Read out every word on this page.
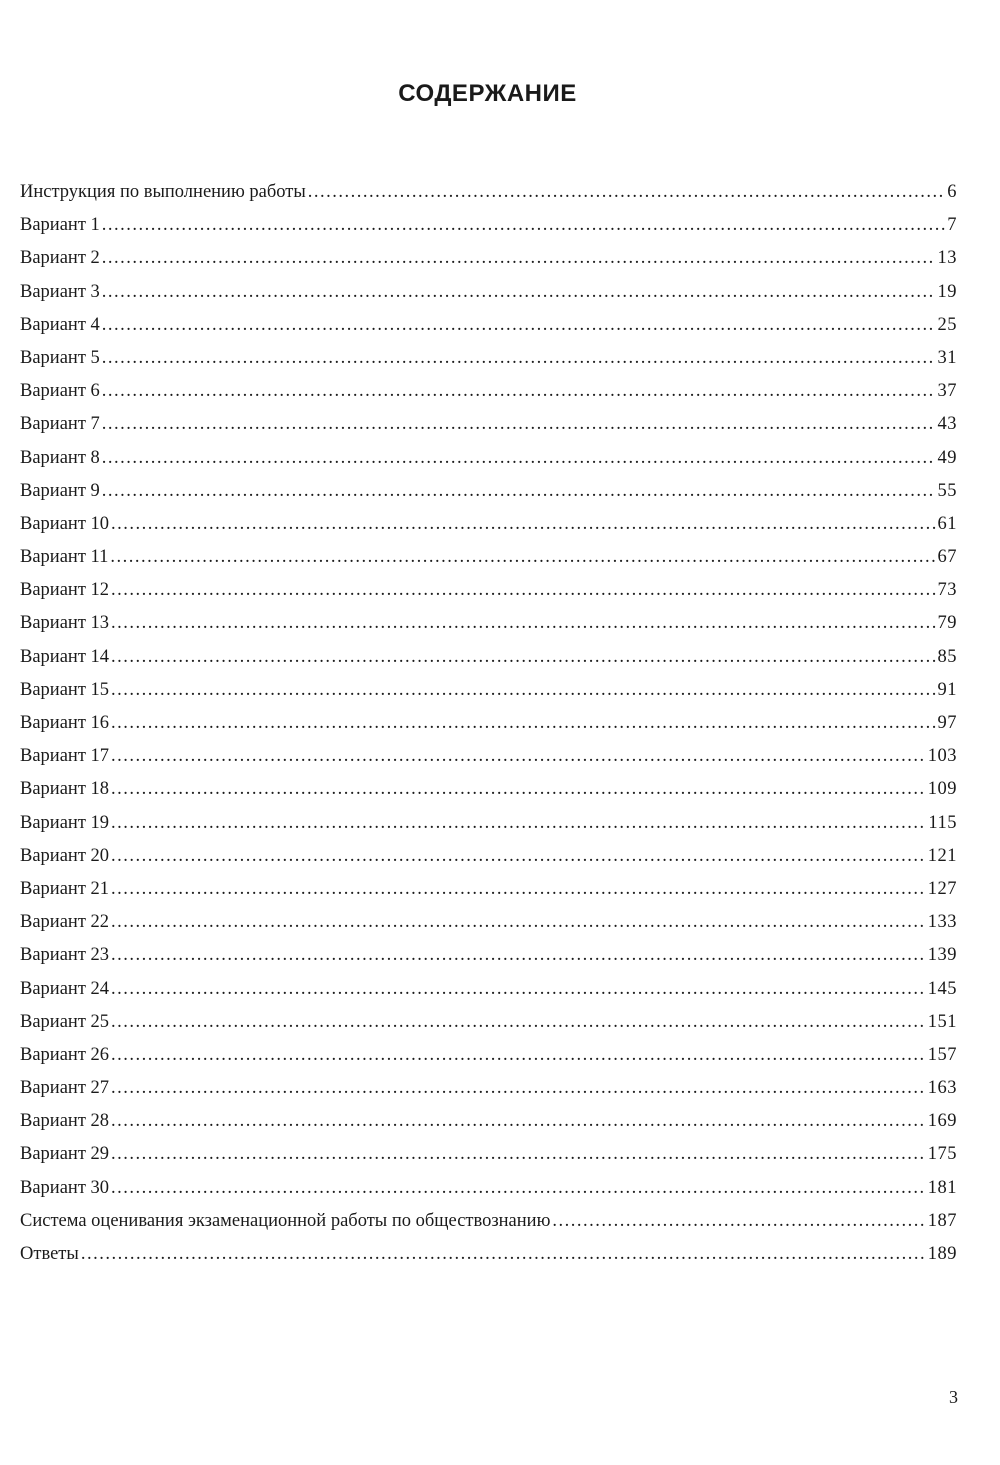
СОДЕРЖАНИЕ
Инструкция по выполнению работы .....	6
Вариант 1 .....	7
Вариант 2 .....	13
Вариант 3 .....	19
Вариант 4 .....	25
Вариант 5 .....	31
Вариант 6 .....	37
Вариант 7 .....	43
Вариант 8 .....	49
Вариант 9 .....	55
Вариант 10 .....	61
Вариант 11 .....	67
Вариант 12 .....	73
Вариант 13 .....	79
Вариант 14 .....	85
Вариант 15 .....	91
Вариант 16 .....	97
Вариант 17 .....	103
Вариант 18 .....	109
Вариант 19 .....	115
Вариант 20 .....	121
Вариант 21 .....	127
Вариант 22 .....	133
Вариант 23 .....	139
Вариант 24 .....	145
Вариант 25 .....	151
Вариант 26 .....	157
Вариант 27 .....	163
Вариант 28 .....	169
Вариант 29 .....	175
Вариант 30 .....	181
Система оценивания экзаменационной работы по обществознанию .....	187
Ответы .....	189

3
